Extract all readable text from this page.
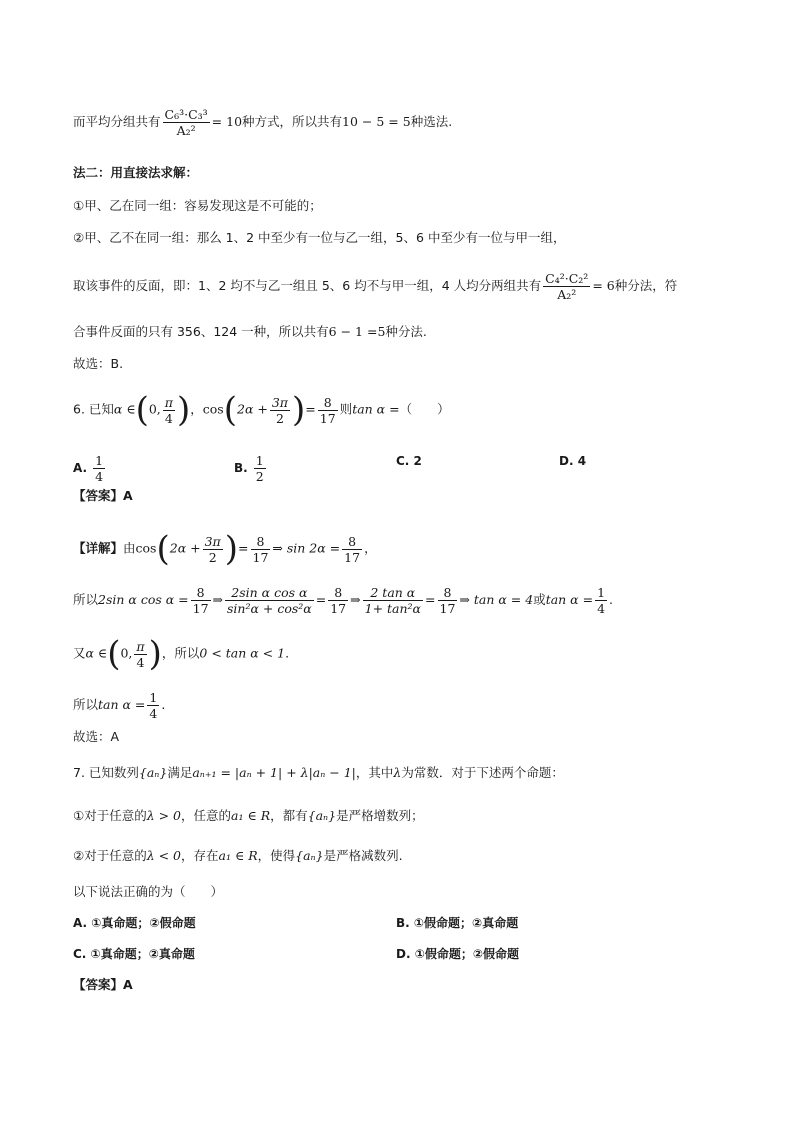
而平均分组共有 $\frac{\text{C₆³·C₃³}}{\text{A₂²}} = 10$种方式，所以共有10 − 5 = 5种选法.
法二：用直接法求解：
①甲、乙在同一组：容易发现这是不可能的；
②甲、乙不在同一组：那么 1、2 中至少有一位与乙一组，5、6 中至少有一位与甲一组，
取该事件的反面，即：1、2 均不与乙一组且 5、6 均不与甲一组，4 人均分两组共有 $\frac{\text{C₄²·C₂²}}{\text{A₂²}} = 6$种分法，符
合事件反面的只有 356、124 一种，所以共有6 − 1 =5种分法.
故选：B.
6. 已知α ∈(0, $\frac{\pi}{4}$ )，$\cos(2\alpha + \frac{3\pi}{2}$ )= $\frac{8}{17}$ 则tan α =（　　）
A. $\frac{1}{4}$	B. $\frac{1}{2}$	C. 2	D. 4
【答案】A
【详解】由$\cos(2\alpha + \frac{3\pi}{2}$ )= $\frac{8}{17}$ ⇒ $\sin 2\alpha = \frac{8}{17}$ ，
所以2sin α $\cos \alpha = \frac{8}{17}$ ⇒ $\frac{\text{2sin α cos α}}{\text{sin²α + cos²α}} = \frac{8}{17}$ ⇒ $\frac{\text{2 tan α}}{\text{1+ tan²α}} = \frac{8}{17}$ ⇒ tan α = 4或$\tan \alpha = \frac{1}{4}$ .
又α ∈(0, $\frac{\pi}{4}$ )，所以0 < tan α < 1.
所以$\tan \alpha = \frac{1}{4}$ .
故选：A
7. 已知数列{aₙ}满足aₙ₊₁ = |aₙ + 1| + λ|aₙ − 1|，其中λ为常数．对于下述两个命题：
①对于任意的λ > 0，任意的a₁ ∈ R，都有{aₙ}是严格增数列；
②对于任意的λ < 0，存在a₁ ∈ R，使得{aₙ}是严格减数列.
以下说法正确的为（　　）
A. ①真命题；②假命题	B. ①假命题；②真命题
C. ①真命题；②真命题	D. ①假命题；②假命题
【答案】A
